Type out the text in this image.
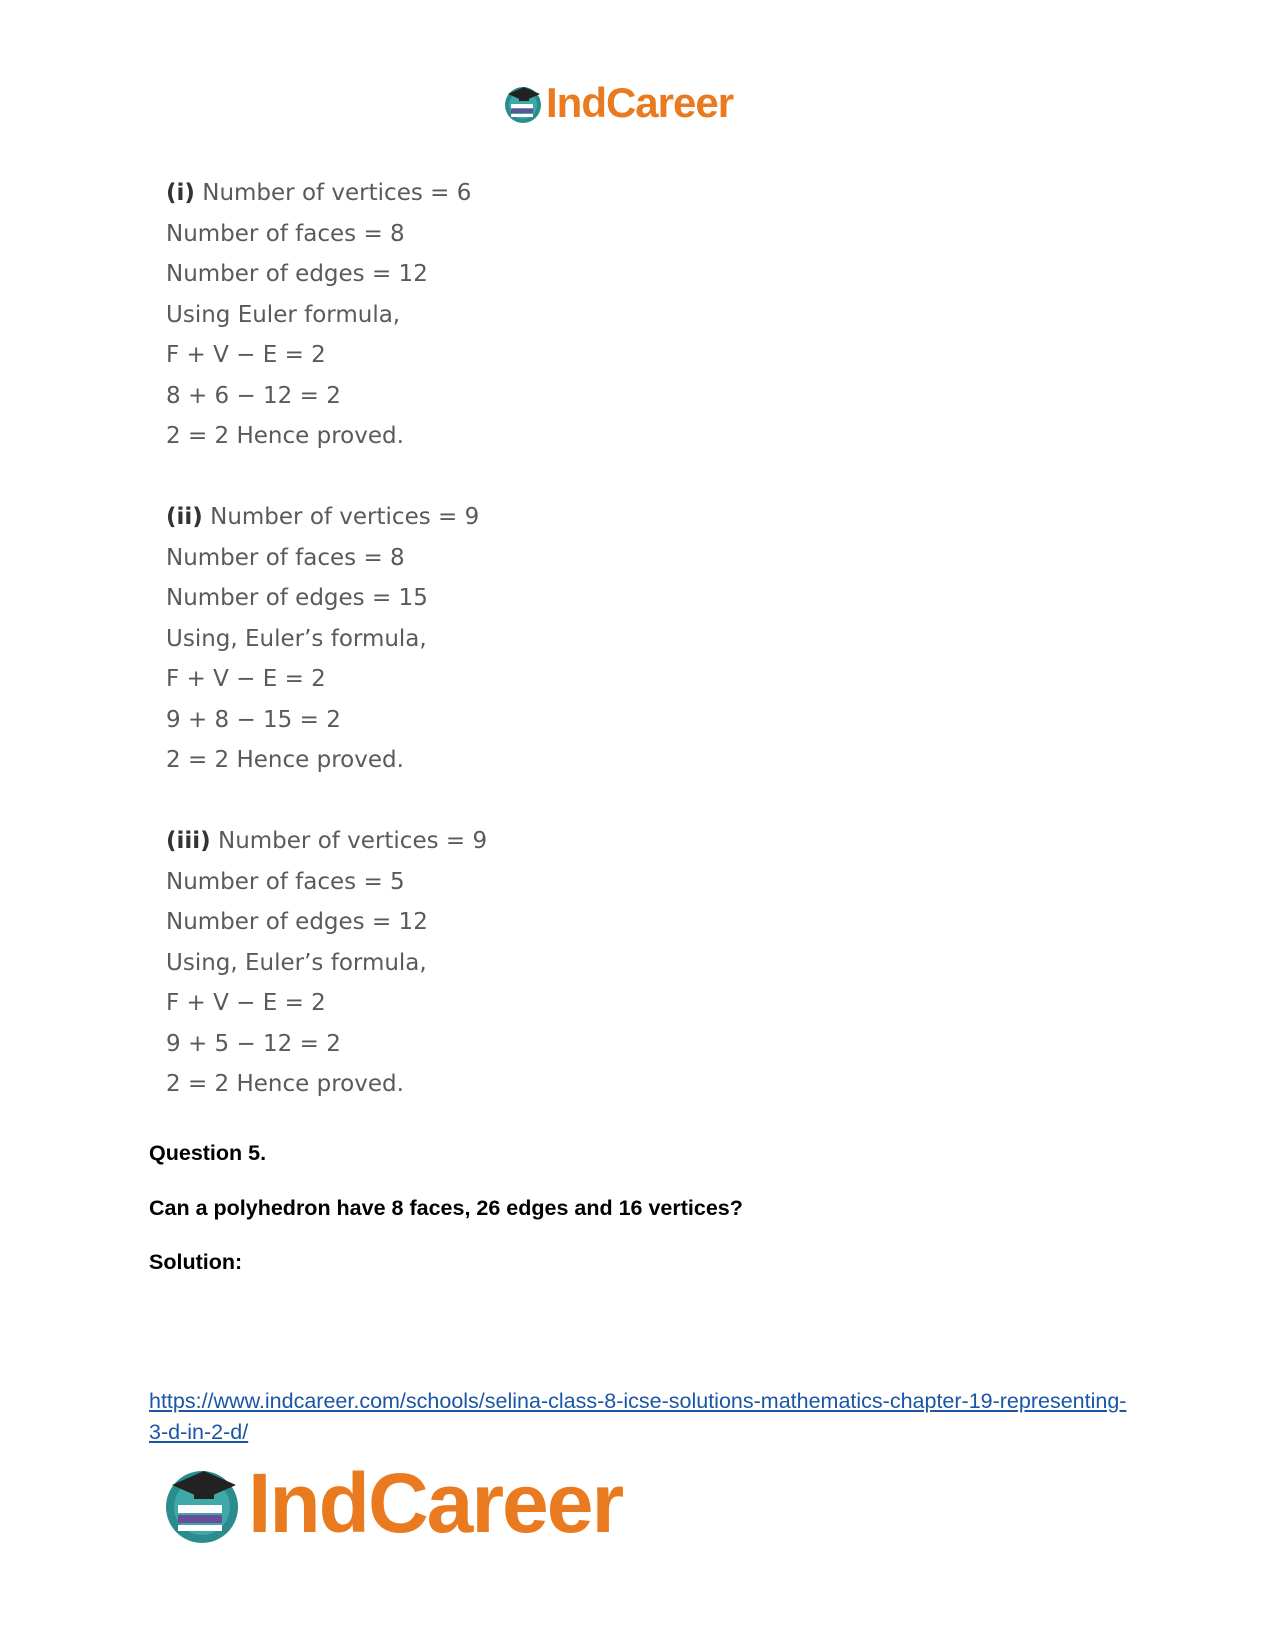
IndCareer
(i) Number of vertices = 6
Number of faces = 8
Number of edges = 12
Using Euler formula,
F + V − E = 2
8 + 6 − 12 = 2
2 = 2 Hence proved.
(ii) Number of vertices = 9
Number of faces = 8
Number of edges = 15
Using, Euler’s formula,
F + V − E = 2
9 + 8 − 15 = 2
2 = 2 Hence proved.
(iii) Number of vertices = 9
Number of faces = 5
Number of edges = 12
Using, Euler’s formula,
F + V − E = 2
9 + 5 − 12 = 2
2 = 2 Hence proved.
Question 5.
Can a polyhedron have 8 faces, 26 edges and 16 vertices?
Solution:
https://www.indcareer.com/schools/selina-class-8-icse-solutions-mathematics-chapter-19-representing-3-d-in-2-d/
IndCareer
